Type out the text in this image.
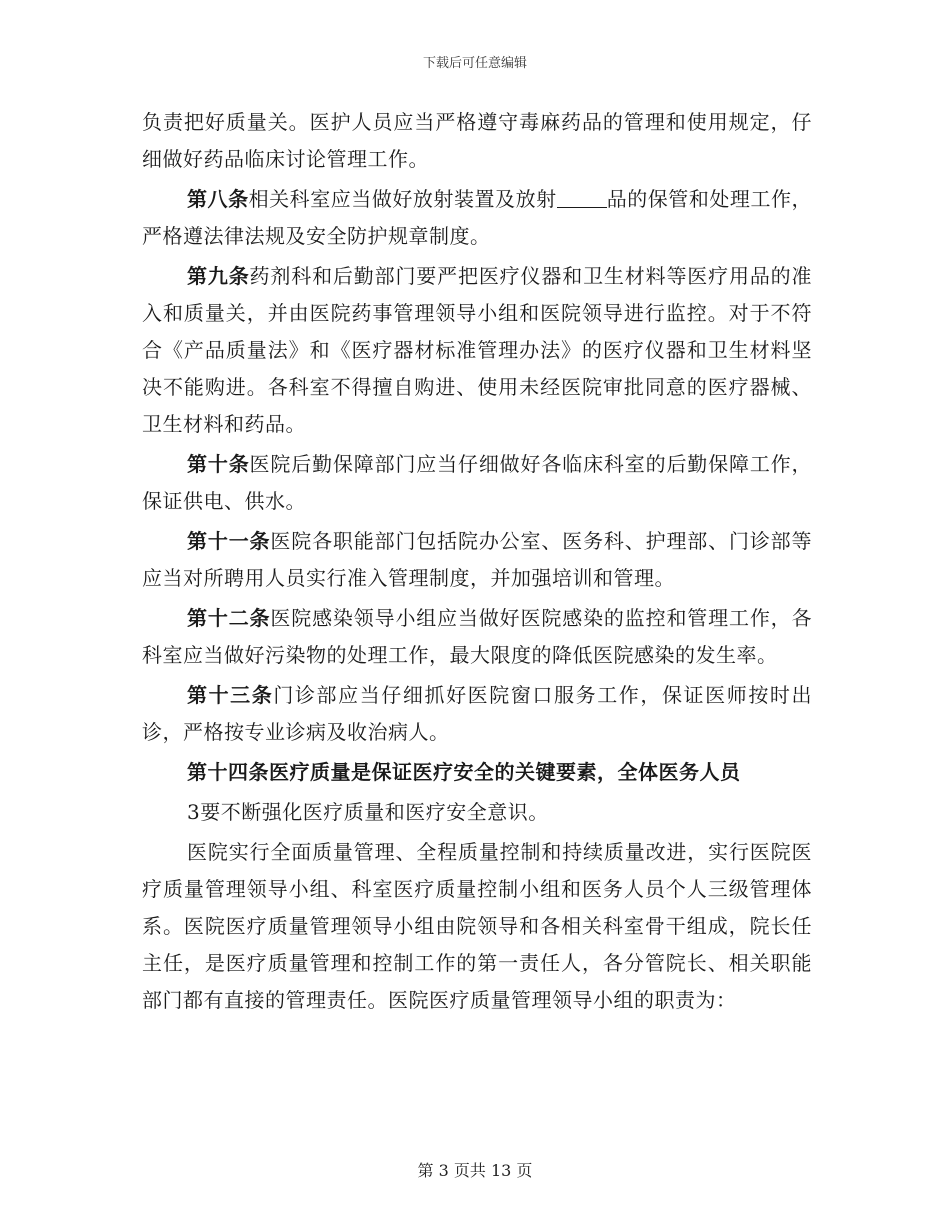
下载后可任意编辑

负责把好质量关。医护人员应当严格遵守毒麻药品的管理和使用规定，仔细做好药品临床讨论管理工作。

第八条相关科室应当做好放射装置及放射	品的保管和处理工作，严格遵法律法规及安全防护规章制度。

第九条药剂科和后勤部门要严把医疗仪器和卫生材料等医疗用品的准入和质量关，并由医院药事管理领导小组和医院领导进行监控。对于不符合《产品质量法》和《医疗器材标准管理办法》的医疗仪器和卫生材料坚决不能购进。各科室不得擅自购进、使用未经医院审批同意的医疗器械、卫生材料和药品。

第十条医院后勤保障部门应当仔细做好各临床科室的后勤保障工作，保证供电、供水。

第十一条医院各职能部门包括院办公室、医务科、护理部、门诊部等应当对所聘用人员实行准入管理制度，并加强培训和管理。

第十二条医院感染领导小组应当做好医院感染的监控和管理工作，各科室应当做好污染物的处理工作，最大限度的降低医院感染的发生率。

第十三条门诊部应当仔细抓好医院窗口服务工作，保证医师按时出诊，严格按专业诊病及收治病人。

第十四条医疗质量是保证医疗安全的关键要素，全体医务人员

3要不断强化医疗质量和医疗安全意识。

医院实行全面质量管理、全程质量控制和持续质量改进，实行医院医疗质量管理领导小组、科室医疗质量控制小组和医务人员个人三级管理体系。医院医疗质量管理领导小组由院领导和各相关科室骨干组成，院长任主任，是医疗质量管理和控制工作的第一责任人，各分管院长、相关职能部门都有直接的管理责任。医院医疗质量管理领导小组的职责为：

第 3 页共 13 页
